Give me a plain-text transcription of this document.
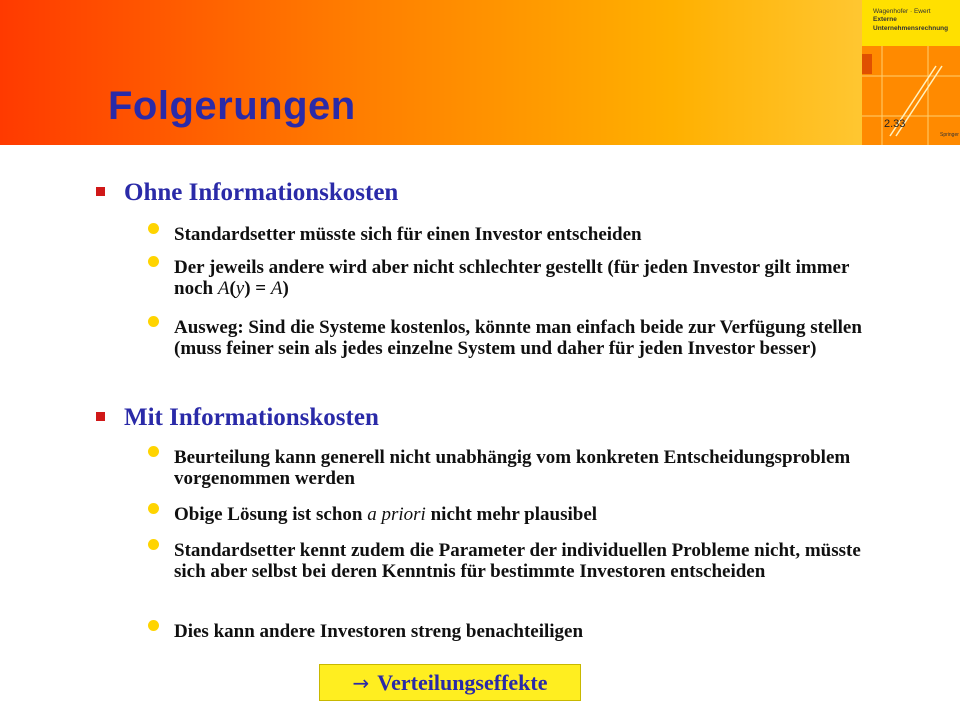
Wagenhofer · Ewert
Externe
Unternehmensrechnung
Springer
Folgerungen	2.33
Ohne Informationskosten
Standardsetter müsste sich für einen Investor entscheiden
Der jeweils andere wird aber nicht schlechter gestellt (für jeden Investor gilt immer noch A(y) = A)
Ausweg: Sind die Systeme kostenlos, könnte man einfach beide zur Verfügung stellen (muss feiner sein als jedes einzelne System und daher für jeden Investor besser)
Mit Informationskosten
Beurteilung kann generell nicht unabhängig vom konkreten Entscheidungsproblem vorgenommen werden
Obige Lösung ist schon a priori nicht mehr plausibel
Standardsetter kennt zudem die Parameter der individuellen Probleme nicht, müsste sich aber selbst bei deren Kenntnis für bestimmte Investoren entscheiden
Dies kann andere Investoren streng benachteiligen
→ Verteilungseffekte
